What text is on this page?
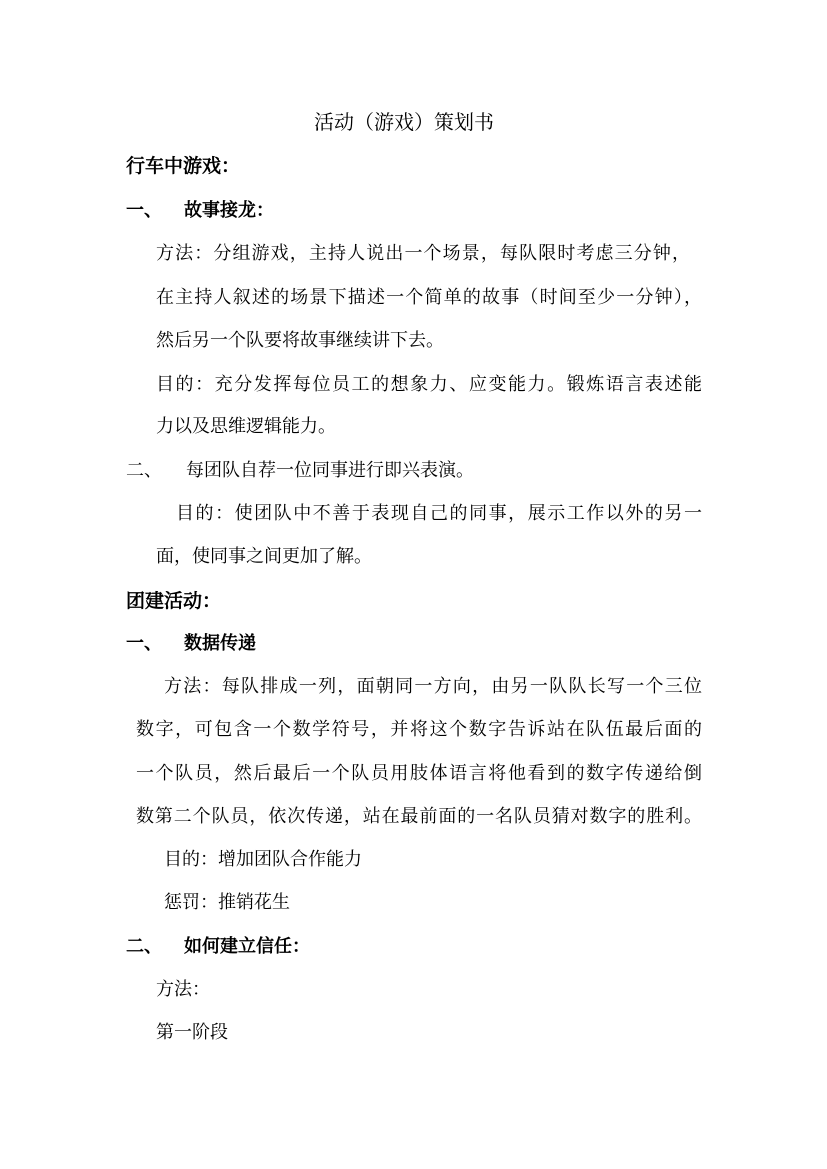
活动（游戏）策划书
行车中游戏：
一、 故事接龙：
方法：分组游戏，主持人说出一个场景，每队限时考虑三分钟，
在主持人叙述的场景下描述一个简单的故事（时间至少一分钟），
然后另一个队要将故事继续讲下去。
目的：充分发挥每位员工的想象力、应变能力。锻炼语言表述能
力以及思维逻辑能力。
二、 每团队自荐一位同事进行即兴表演。
目的：使团队中不善于表现自己的同事，展示工作以外的另一
面，使同事之间更加了解。
团建活动：
一、 数据传递
方法：每队排成一列，面朝同一方向，由另一队队长写一个三位
数字，可包含一个数学符号，并将这个数字告诉站在队伍最后面的
一个队员，然后最后一个队员用肢体语言将他看到的数字传递给倒
数第二个队员，依次传递，站在最前面的一名队员猜对数字的胜利。
目的：增加团队合作能力
惩罚：推销花生
二、 如何建立信任：
方法：
第一阶段
